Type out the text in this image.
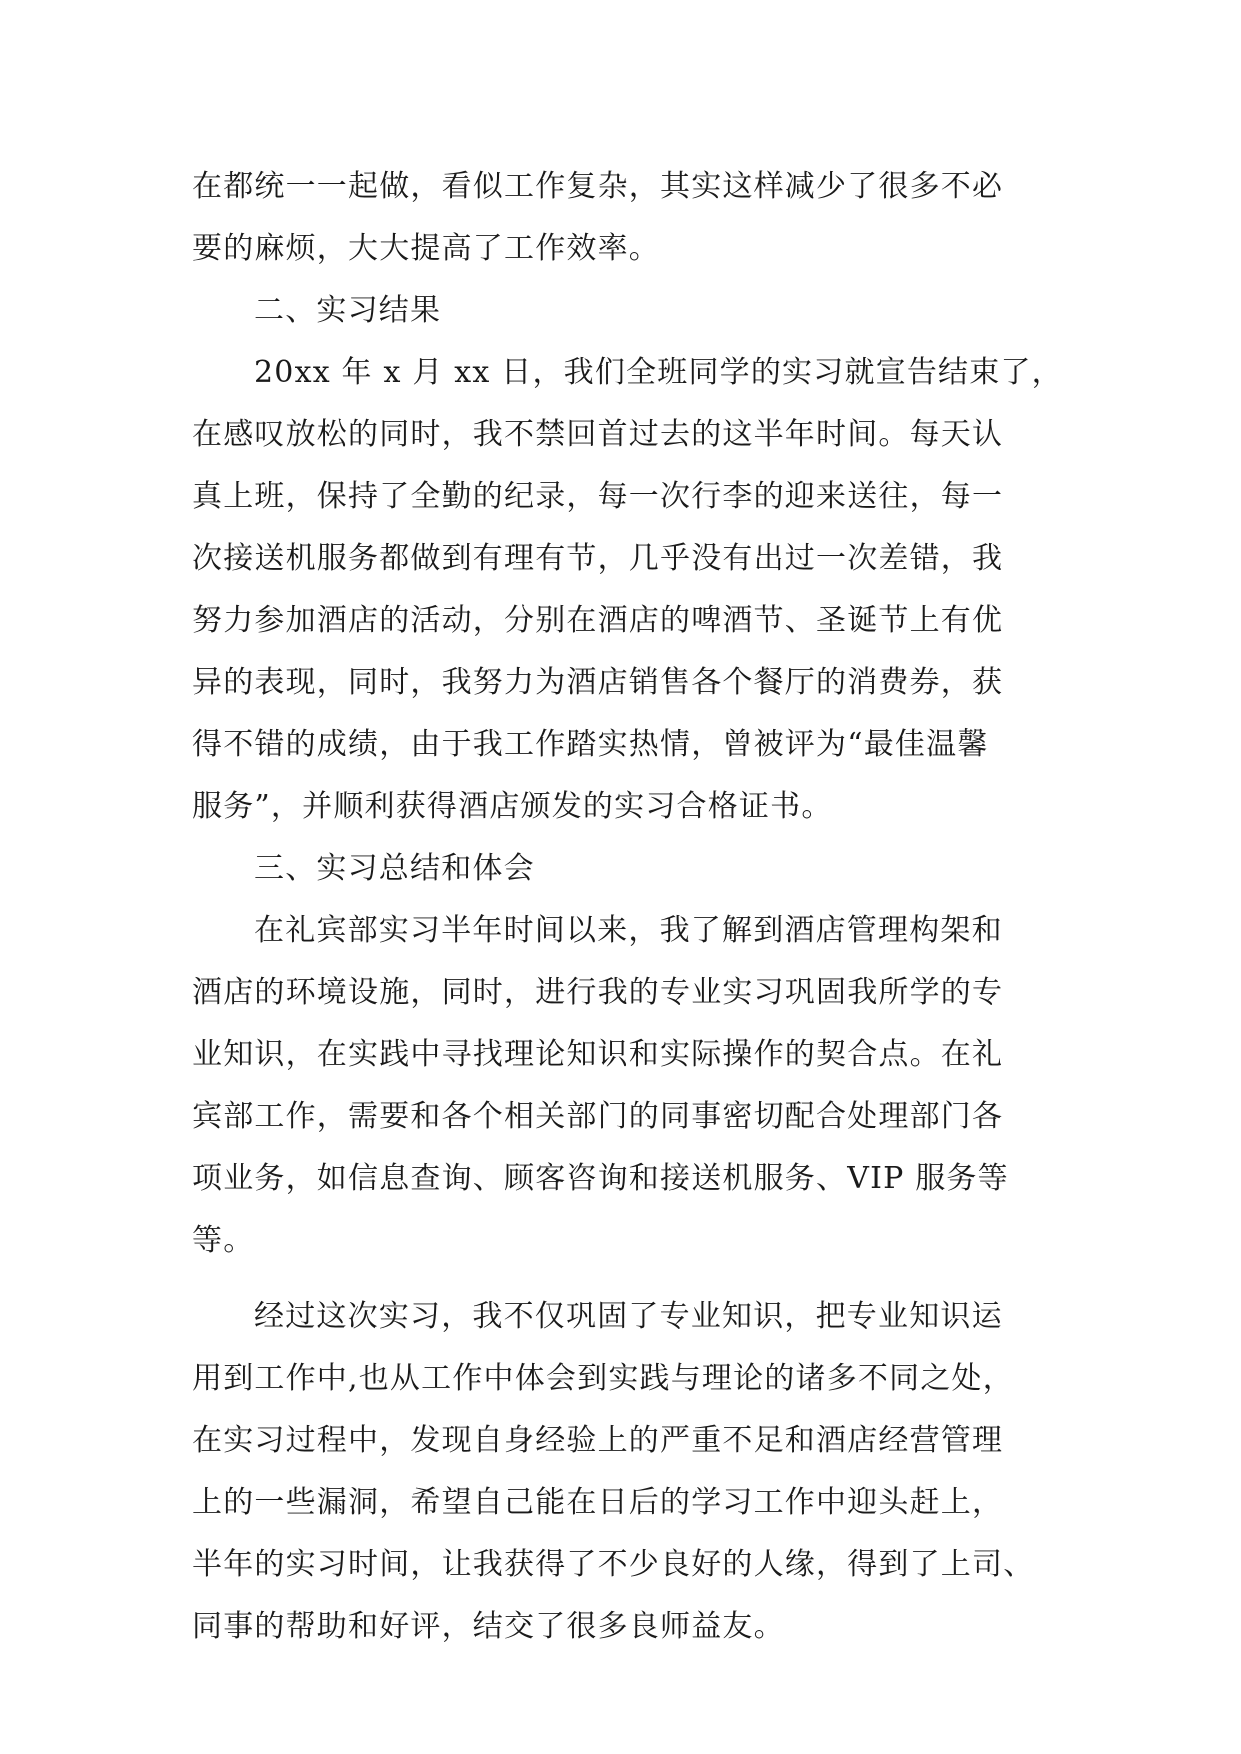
在都统一一起做，看似工作复杂，其实这样减少了很多不必
要的麻烦，大大提高了工作效率。
二、实习结果
20xx 年 x 月 xx 日，我们全班同学的实习就宣告结束了，
在感叹放松的同时，我不禁回首过去的这半年时间。每天认
真上班，保持了全勤的纪录，每一次行李的迎来送往，每一
次接送机服务都做到有理有节，几乎没有出过一次差错，我
努力参加酒店的活动，分别在酒店的啤酒节、圣诞节上有优
异的表现，同时，我努力为酒店销售各个餐厅的消费券，获
得不错的成绩，由于我工作踏实热情，曾被评为“最佳温馨
服务”，并顺利获得酒店颁发的实习合格证书。
三、实习总结和体会
在礼宾部实习半年时间以来，我了解到酒店管理构架和
酒店的环境设施，同时，进行我的专业实习巩固我所学的专
业知识，在实践中寻找理论知识和实际操作的契合点。在礼
宾部工作，需要和各个相关部门的同事密切配合处理部门各
项业务，如信息查询、顾客咨询和接送机服务、VIP 服务等
等。
经过这次实习，我不仅巩固了专业知识，把专业知识运
用到工作中,也从工作中体会到实践与理论的诸多不同之处，
在实习过程中，发现自身经验上的严重不足和酒店经营管理
上的一些漏洞，希望自己能在日后的学习工作中迎头赶上，
半年的实习时间，让我获得了不少良好的人缘，得到了上司、
同事的帮助和好评，结交了很多良师益友。
